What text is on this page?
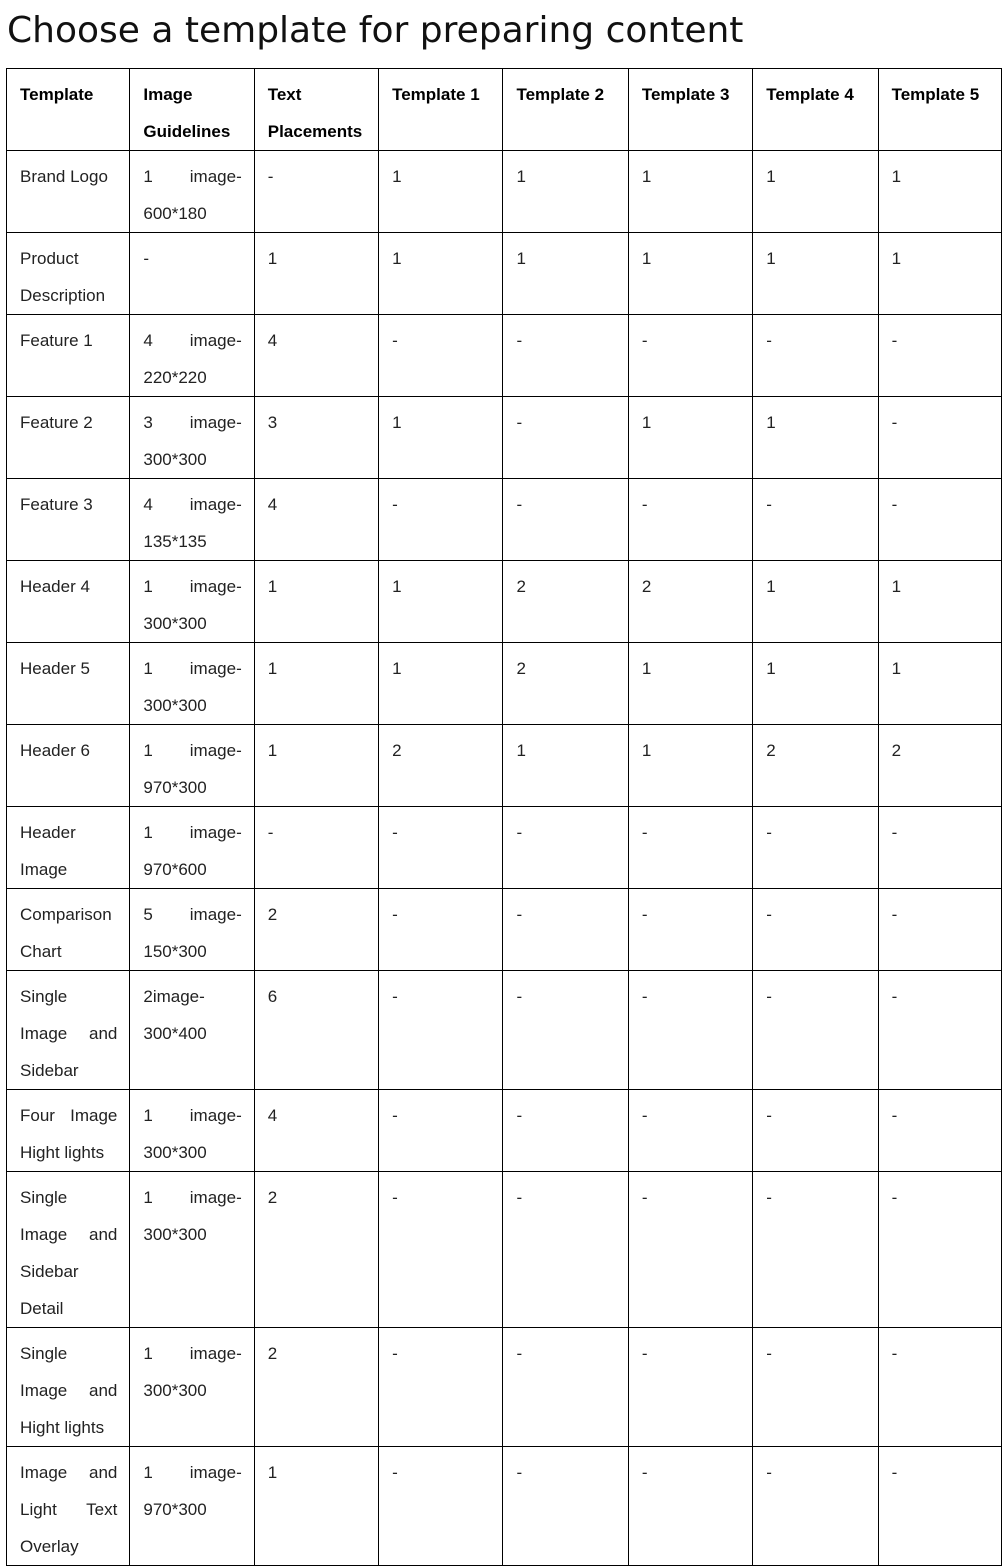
Choose a template for preparing content
Template	Image Guidelines	Text Placements	Template 1	Template 2	Template 3	Template 4	Template 5
Brand Logo	1 image- 600*180	-	1	1	1	1	1
Product Description	-	1	1	1	1	1	1
Feature 1	4 image- 220*220	4	-	-	-	-	-
Feature 2	3 image- 300*300	3	1	-	1	1	-
Feature 3	4 image- 135*135	4	-	-	-	-	-
Header 4	1 image- 300*300	1	1	2	2	1	1
Header 5	1 image- 300*300	1	1	2	1	1	1
Header 6	1 image- 970*300	1	2	1	1	2	2
Header Image	1 image- 970*600	-	-	-	-	-	-
Comparison Chart	5 image- 150*300	2	-	-	-	-	-
Single Image and Sidebar	2image- 300*400	6	-	-	-	-	-
Four Image Hight lights	1 image- 300*300	4	-	-	-	-	-
Single Image and Sidebar Detail	1 image- 300*300	2	-	-	-	-	-
Single Image and Hight lights	1 image- 300*300	2	-	-	-	-	-
Image and Light Text Overlay	1 image- 970*300	1	-	-	-	-	-
